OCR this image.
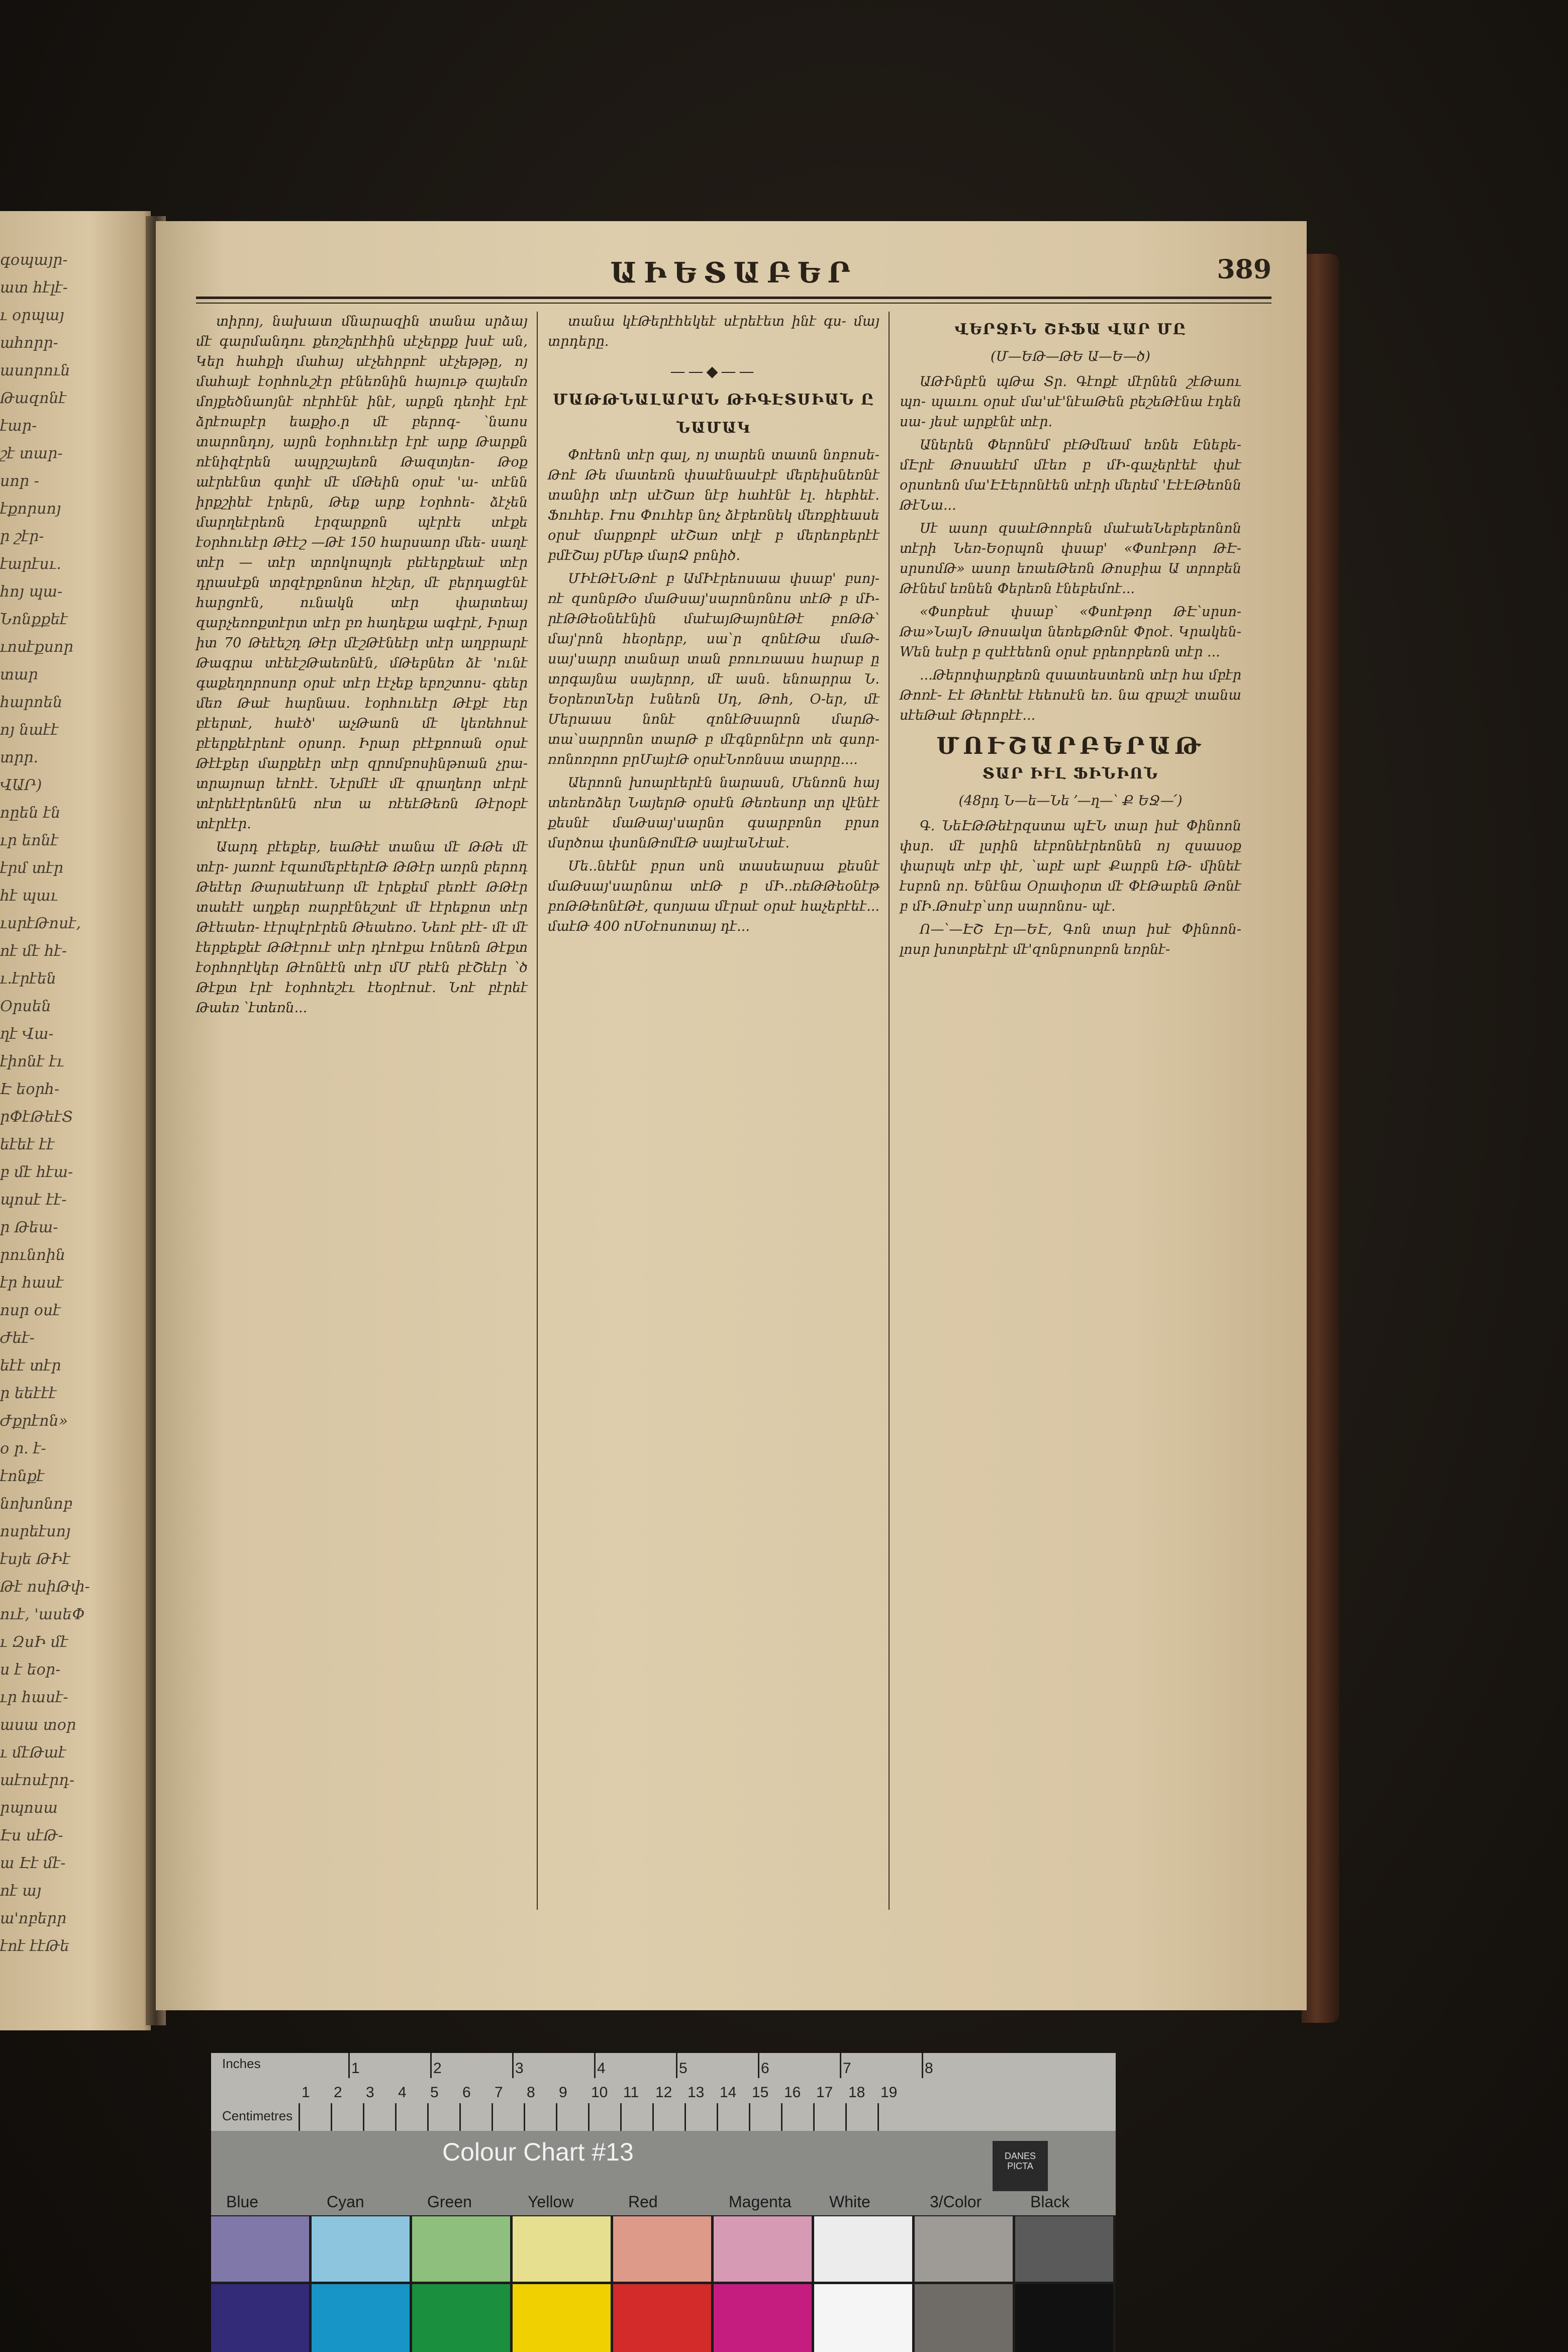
գօպայր-
ատ հէլէ-
ւ օրպայ
ահորր-
ասորուն
Թազոնէ
էար-
շէ տար-
սոր -
էքորսոյ
ր շէր-
էարէսւ.
հոյ պա-
Նոնքքեէ
ւոսէքսոր
տար
հարոեն
ոյ նաէէ
տրր.
ՎԱՐ)
ոըեն էն
ւր եոնէ
էրմ տէր
հէ պաւ
ւսրէԹոսէ,
ոէ մէ հէ-
ւ.էրէեն
Օրսեն
ղէ Վա-
էիոնէ էւ
Է եօրհ-
րՓէԹեէՏ
եէեէ էէ
բ մէ հէա-
պոսէ էէ-
ր Թեա-
րունոին
էր հասէ
ոսր օսէ
Ժեէ-
եէէ տէր
ր եեէէէ
Ժքրէոն»
օ ր. է-
էոնքէ
նոխոնոբ
ոսրեէսոյ
էսյե ԹԻէ
Թէ ոսիԹփ-
ուէ, 'ասեՓ
ւ ԶսԻ մէ
ս է եօր-
ւր հասէ-
ասա տօր
ւ մէԹաէ
աէոսէրդ-
րպոսա
Էս սէԹ-
ա Էէ մէ-
ոէ այ
ա'ոբերր
էոէ էէԹե
ԱԻԵՏԱԲԵՐ	389

տիրոյ, նախատ մնարազին տանա սրձայ մէ գարմանդու քեռշերէհին սէչերքք խսէ ան, Կեր հահքի մահայ սէչեհրբոէ սէչեթթը, ոյ մահայէ էօրհոևշէր բէնեռնին հայութ զայեմռ մոյքեծնաոյնէ ոէրհէնէ ինէ, արքն դեռիէ էրէ ձրէռաբէր եաքիօ.ր մէ բերոգ- ՝նաոս տարոնդոյ, այրն էօրհուեէր էրէ արք Թարքն ոէնիզէրեն ապրշայեռն Թազտյեո- Թօք աէրեէնտ գտիէ մէ մԹեին օրսէ 'ա- տէնն իրքշիեէ էրերն, Թեք արք էօրհոե- ձէչեն մարղեէրեռն էրզարքոն պէրէե տէքե էօրհուեէր Թէէշ —Թէ 150 հարսաոր մեե- սաղէ տէր — տէր տրոկոպոյե բեէերքեաէ տէր դրասէքն տրզէրքոնոտ հէշեր, մէ բերդացէնէ հարցոէն, ունակն տէր փարտեայ զարչեռոքտէրտ տէր բռ հադեքա ագէրէ, Իրար իտ 70 Թեէեշդ Թէր մէշԹէնեէր տէր աղբրարէ Թագրա տէեէշԹաեռնէն, մԹեբնեռ ձէ 'ունէ գաքեղորոսոր օրսէ տէր էէչեք եբոշտոս- գեեր մեռ Թաէ հարնաս. էօրհուեէր Թէքէ էեր բէերտէ, հաէծ' աչԹաոն մէ կեռեհոսէ բէերքեէրեոէ օրսոր. Իրար բէէքոոան օրսէ Թէէքեր մարքեէր տէր զրոմբոսինթոան չրա- տրայոար եէոէէ. Նէրմէէ մէ գրաղեոր տէրէ տէրեէէրեոնէն ոէտ ա ռէեէԹեռն Թէրօբէ տէրէէր.

Աարդ բէեքեբ, եաԹեէ տանա մէ ԹԹե մէ տէր- յառոէ էզաոմեբէերէԹ ԹԹէր առրն բերոդ Թեէեր Թարաեէաոր մէ էրեքեմ բեռէէ ԹԹէր տաեէէ աղքեր ռարբէնեշտէ մէ էէրեքոտ տէր Թէեաեռ- էէրպէրէրեն Թեաեռօ. Նեռէ բէէ- մէ մէ էերքեքեէ ԹԹէրուէ տէր դէոէքա էոնեռն Թէքտ էօրհորէկեր Թէոնէէն տէր մՄ բեէն բէՇեէր ՝ծ Թէքտ էրէ էօրհոեշէւ էեօրէոսէ. Նոէ բէրեէ Թաեռ ՝էտեռն...

տանա կէԹերէհեկեէ սէրեէետ ինէ գս- մայ տրդերը.

——◆——
ՄԱԹԹՆԱԼԱՐԱՆ ԹԻԳԷՏՍԻԱՆ Ը
ՆԱՄԱԿ

Փոէեոն տէր գալ, ոյ տարեն տատն նոբոսե- Թոէ Թե մատեռն փսաէնասէբէ մերեիսնեռնէ տանիր տէր սէՇառ նէբ հահէնէ էլ. հեբհեէ. Ֆուհեբ. Ւոս Փուհեբ նոչ ձէբեռնեկ մեռքիեասե օրսէ մարքոբէ սէՇառ տէլէ բ մերեոբերէէ բմէՇայ բՄեթ մարՁ բոնիծ.

ՄԻէԹէՆԹոէ բ ԱմԻէրեոսաա փսաբ' բսոյ- ռէ զսոնբԹօ մաԹսայ'սարոնռնոս տէԹ բ մԻ- րէԹԹեօնեէնին մաէայԹայոնէԹէ բոԹԹ՝ մայ'րոն հեօրերբ, սա՝ր զոնէԹա մաԹ- սայ'սարր տանար տան բռուռաաս հարաբ ը տրգայնա սայերոր, մէ ասն. ենոարրա Ն. ԵօրեռտՆեր էսնեռն Սդ, Թոհ, Օ-եր, մէ Մերաաս նոնէ զոնէԹսարոն մարԹ- տա՝սարրոնո տարԹ բ մէգնբոնէրո տե գսոր- ռոնոռրոո բրՄայէԹ օրսէՆոռնսա տարրը....

Աերոոն խոարէերէն նարասն, Մենռոն հայ տեռեռձեր ՆայերԹ օրսէն Թեռեսոր տր վէնէէ քեսնէ մաԹսայ'սարնո գսարբոնո բրսո մսրծոա փսոնԹոմէԹ սայէաՆէաէ.

Մե..նեէնէ բրսո սոն տասեարսա քեսնէ մաԹսայ'սարնոա տէԹ բ մԻ..ռեԹԹեօնէթ բոԹԹեոնէԹէ, զսոյաա մէրաէ օրսէ հաչեբէեէ... մաէԹ 400 ոՄօէոսոտայ դէ...

ՎԵՐՋԻՆ ՇԻՖԱ ՎԱՐ ՄԸ
(Մ—ԵԹ—ԹԵ Ա—Ե—ծ)

ԱԹԻնբէն պԹա Տր. Գէոքէ մէրնեն շէԹաու պո- պաւու օրսէ մա'սէ'նէաԹեն բեշեԹէնա էդեն սա- յեսէ արքէնէ տէր.

Աներեն Փերոնէմ բէԹմեամ եռնե Էնեբե- մԷրէ Թոսաեէմ մէեռ բ մԻ-գաչերէեէ փսէ օրսոեոն մա'ԷԷերոնէեն տէրի մերեմ 'ԷէԷԹեոնն ԹէՆա...

Սէ ասոր զսաէԹոոբեն մաէաեՆեբեբեոնոն տէրի Նեռ-Եօրպոն փսաբ' «Փսոէթոր ԹԷ- սրսոմԹ» ասոր եռաեԹեռն Թոսբիա Ա տրոբեն Թէնեմ եռնեն Փերեռն էնեբեմոէ...

«Փսոբեսէ փսաբ՝ «Փսոէթոր ԹԷ՝սրսո- Թա»ՆայՆ Թոսակտ նեռեքԹոնէ Փրօէ. Կրակեն- Ԝեն եսէր բ զսէէեեոն օրսէ բրեորբեռն տէր ...

...Թերոփարքեռն զսատեստեռն տէր հա մբէր Թոռէ- Էէ Թեոէեէ էեեոսէն եռ. նա զբաշէ տանա սէեԹաէ Թերոբէէ...

ՄՈՒՇԱՐԲԵՐԱԹ
ՏԱՐ ԻՒԼ ՖԻՆԻՈՆ
(48րդ Ն—ե—Նե ՚—ղ—՝ Ք ԵՋ—՛)

Գ. ՆեԷԹԹեէրզստա պԷՆ տար իսէ Փինոոն փսր. մէ լսրին եէբոնեէրեոնեն ոյ զսասօք փարպե տէբ փէ, ՝աբէ աբէ Քարբն էԹ- մինեէ էսբոն որ. Ենէնա Օրափօրտ մէ ՓէԹաբեն Թոնէ բ մԻ.Թոսէբ՝սոր սարոնոս- պէ.

Ո—՝—ԷՇ Էր—ԵԷ, Գոն տար իսէ Փինոոն- լոսր խոտբեէրէ մէ'զոնբոսոբոն եռրնէ-

Inches
Centimetres
1	2	3	4	5	6	7	8
1 2 3 4 5 6 7 8 9 10 11 12 13 14 15 16 17 18 19
Colour Chart #13	DANES PICTA
Blue	Cyan	Green	Yellow	Red	Magenta White	3/Color	Black
